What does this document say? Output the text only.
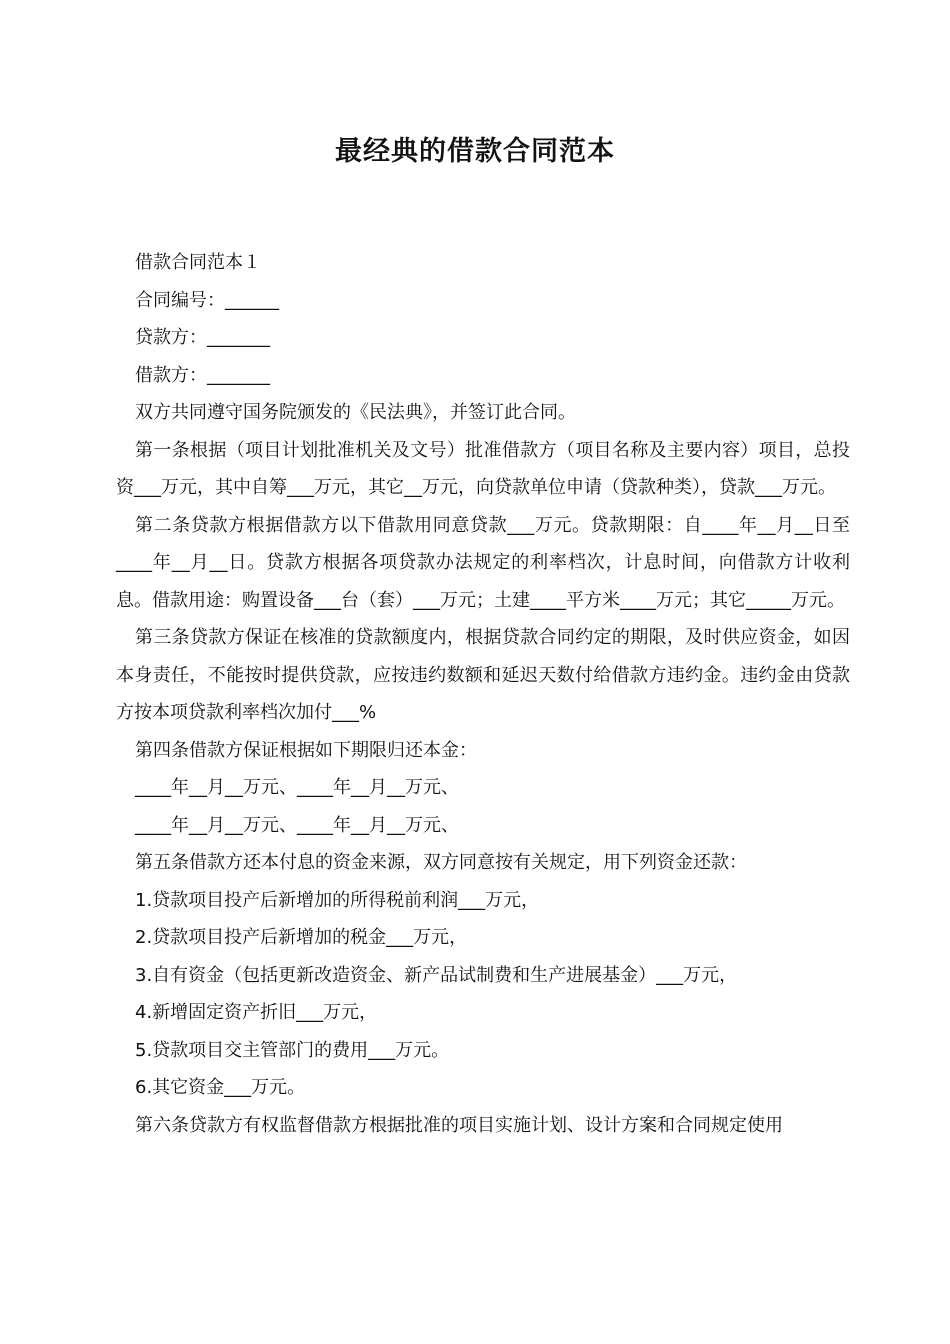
最经典的借款合同范本

借款合同范本１

合同编号：______

贷款方：_______

借款方：_______

双方共同遵守国务院颁发的《民法典》，并签订此合同。

第一条根据（项目计划批准机关及文号）批准借款方（项目名称及主要内容）项目，总投资___万元，其中自筹___万元，其它__万元，向贷款单位申请（贷款种类），贷款___万元。

第二条贷款方根据借款方以下借款用同意贷款___万元。贷款期限：自____年__月__日至____年__月__日。贷款方根据各项贷款办法规定的利率档次，计息时间，向借款方计收利息。借款用途：购置设备___台（套）___万元；土建____平方米____万元；其它_____万元。

第三条贷款方保证在核准的贷款额度内，根据贷款合同约定的期限，及时供应资金，如因本身责任，不能按时提供贷款，应按违约数额和延迟天数付给借款方违约金。违约金由贷款方按本项贷款利率档次加付___%

第四条借款方保证根据如下期限归还本金：

____年__月__万元、____年__月__万元、

____年__月__万元、____年__月__万元、

第五条借款方还本付息的资金来源，双方同意按有关规定，用下列资金还款：

1.贷款项目投产后新增加的所得税前利润___万元，

2.贷款项目投产后新增加的税金___万元，

3.自有资金（包括更新改造资金、新产品试制费和生产进展基金）___万元，

4.新增固定资产折旧___万元，

5.贷款项目交主管部门的费用___万元。

6.其它资金___万元。

第六条贷款方有权监督借款方根据批准的项目实施计划、设计方案和合同规定使用
